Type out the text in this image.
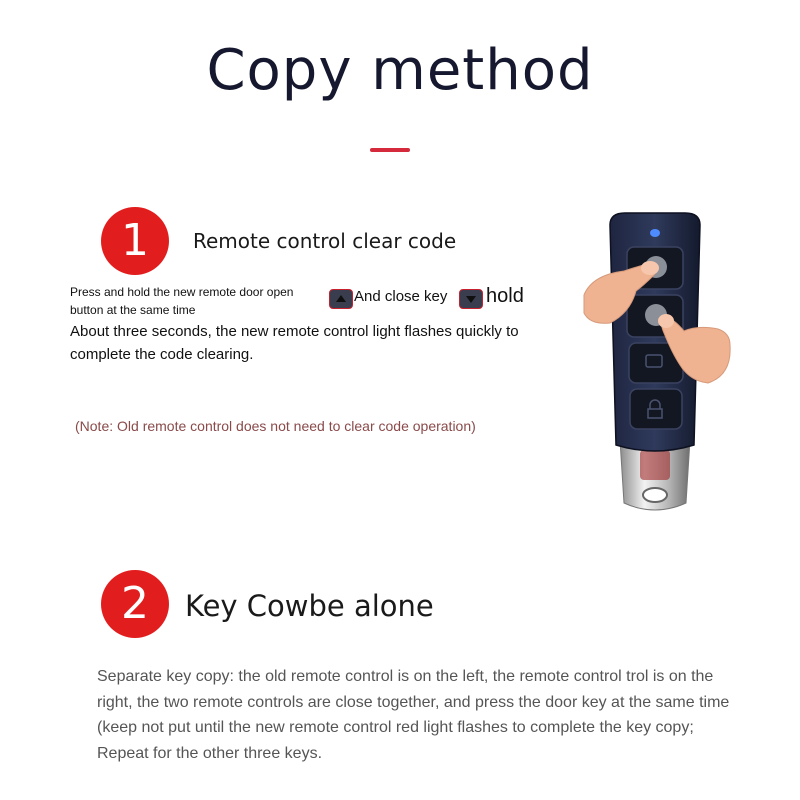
Copy method
1	Remote control clear code
Press and hold the new remote door open
button at the same time
And close key hold
About three seconds, the new remote control light flashes quickly to complete the code clearing.
(Note: Old remote control does not need to clear code operation)
2	Key Cowbe alone
Separate key copy: the old remote control is on the left, the remote control trol is on the right, the two remote controls are close together, and press the door key at the same time (keep not put until the new remote control red light flashes to complete the key copy; Repeat for the other three keys.
